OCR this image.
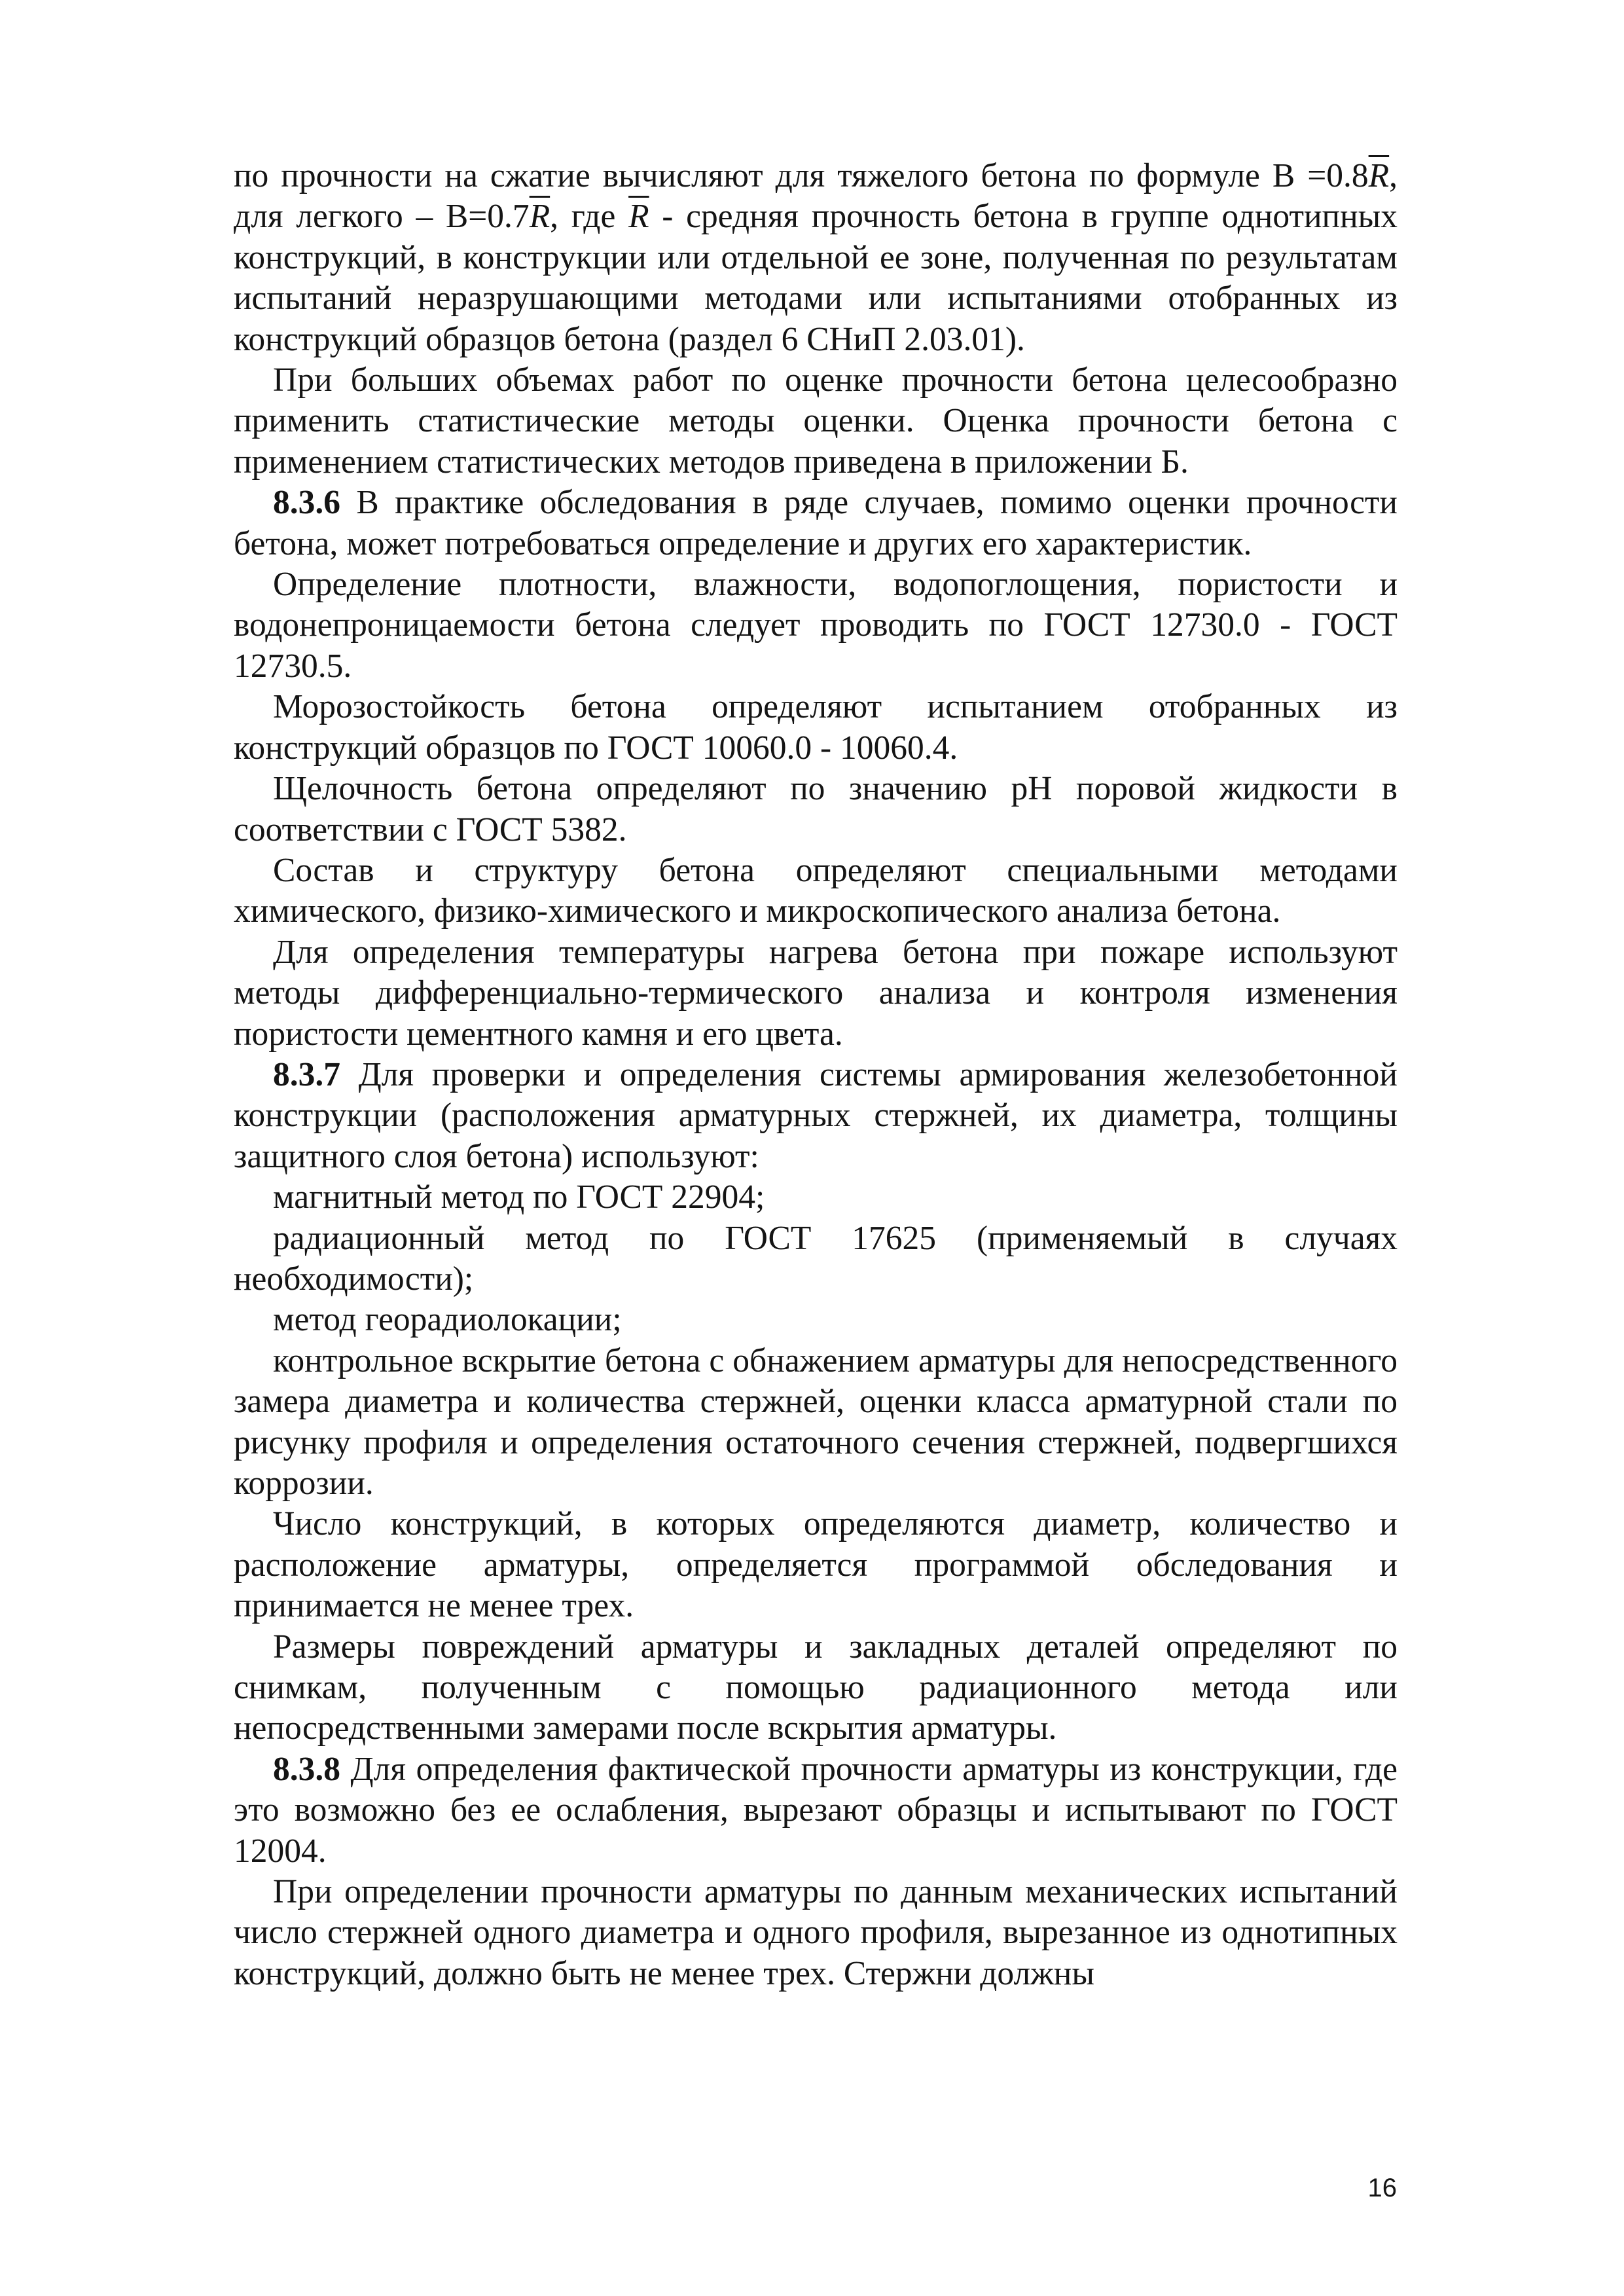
по прочности на сжатие вычисляют для тяжелого бетона по формуле $В =0.8\overline{R}$, для легкого – $В=0.7\overline{R}$, где $\overline{R}$ - средняя прочность бетона в группе однотипных конструкций, в конструкции или отдельной ее зоне, полученная по результатам испытаний неразрушающими методами или испытаниями отобранных из конструкций образцов бетона (раздел 6 СНиП 2.03.01).

При больших объемах работ по оценке прочности бетона целесообразно применить статистические методы оценки. Оценка прочности бетона с применением статистических методов приведена в приложении Б.

8.3.6 В практике обследования в ряде случаев, помимо оценки прочности бетона, может потребоваться определение и других его характеристик.

Определение плотности, влажности, водопоглощения, пористости и водонепроницаемости бетона следует проводить по ГОСТ 12730.0 - ГОСТ 12730.5.

Морозостойкость бетона определяют испытанием отобранных из конструкций образцов по ГОСТ 10060.0 - 10060.4.

Щелочность бетона определяют по значению рН поровой жидкости в соответствии с ГОСТ 5382.

Состав и структуру бетона определяют специальными методами химического, физико-химического и микроскопического анализа бетона.

Для определения температуры нагрева бетона при пожаре используют методы дифференциально-термического анализа и контроля изменения пористости цементного камня и его цвета.

8.3.7 Для проверки и определения системы армирования железобетонной конструкции (расположения арматурных стержней, их диаметра, толщины защитного слоя бетона) используют:

магнитный метод по ГОСТ 22904;

радиационный метод по ГОСТ 17625 (применяемый в случаях необходимости);

метод георадиолокации;

контрольное вскрытие бетона с обнажением арматуры для непосредственного замера диаметра и количества стержней, оценки класса арматурной стали по рисунку профиля и определения остаточного сечения стержней, подвергшихся коррозии.

Число конструкций, в которых определяются диаметр, количество и расположение арматуры, определяется программой обследования и принимается не менее трех.

Размеры повреждений арматуры и закладных деталей определяют по снимкам, полученным с помощью радиационного метода или непосредственными замерами после вскрытия арматуры.

8.3.8 Для определения фактической прочности арматуры из конструкции, где это возможно без ее ослабления, вырезают образцы и испытывают по ГОСТ 12004.

При определении прочности арматуры по данным механических испытаний число стержней одного диаметра и одного профиля, вырезанное из однотипных конструкций, должно быть не менее трех. Стержни должны

16
